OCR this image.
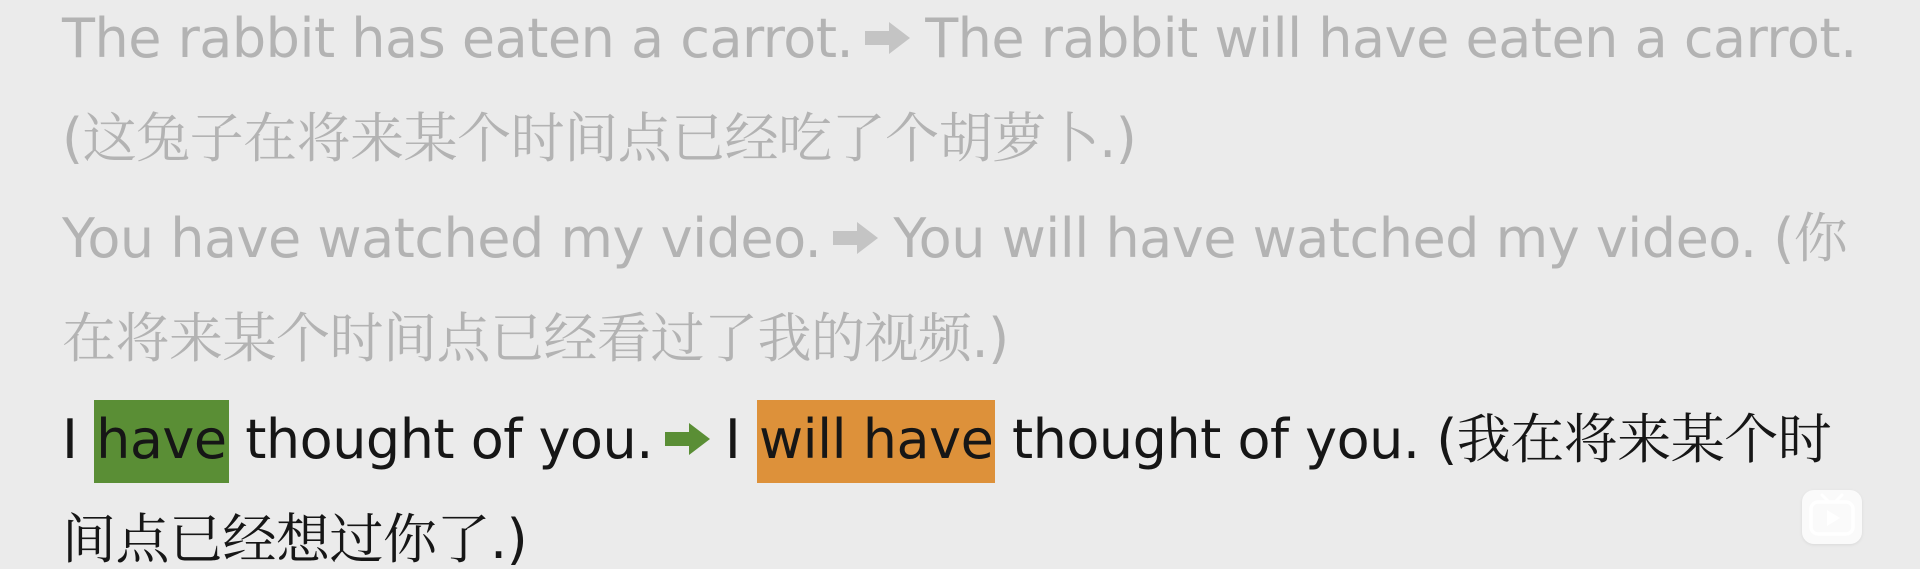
The rabbit has eaten a carrot. The rabbit will have eaten a carrot.
(这兔子在将来某个时间点已经吃了个胡萝卜.)
You have watched my video. You will have watched my video. (你
在将来某个时间点已经看过了我的视频.)
I have thought of you. I will have thought of you. (我在将来某个时
间点已经想过你了.)
